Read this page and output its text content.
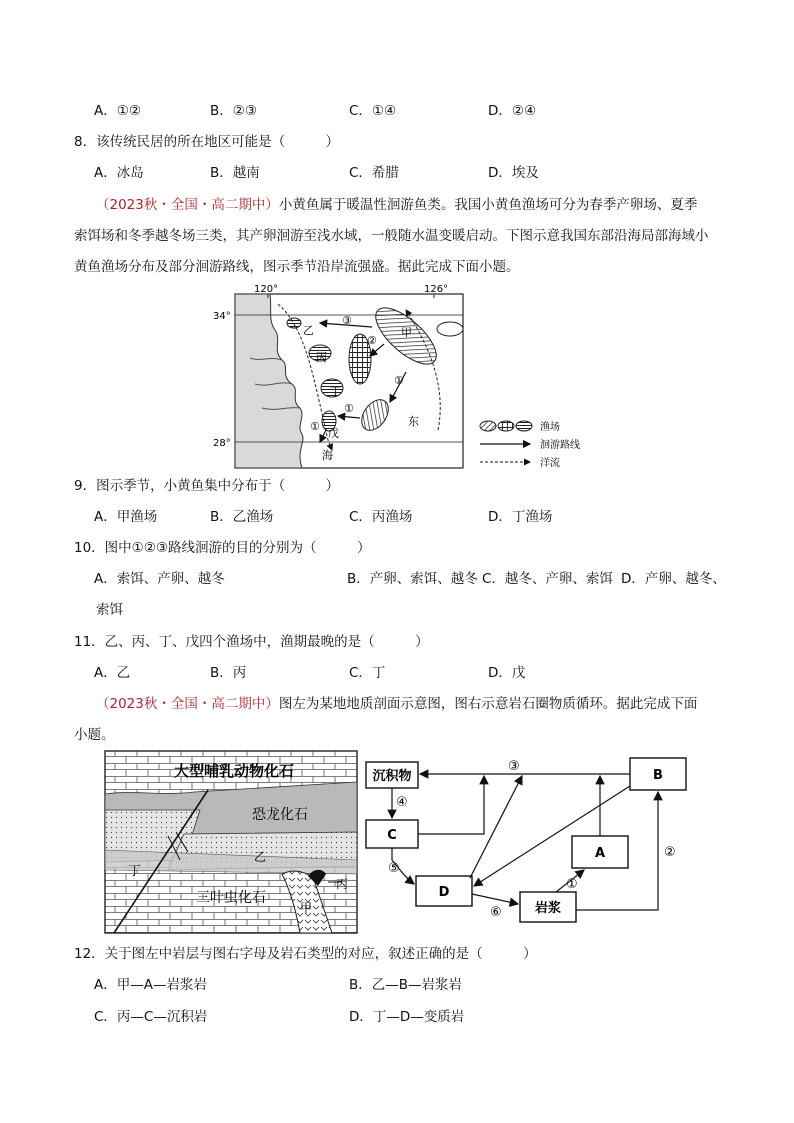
A．①②	B．②③	C．①④	D．②④
8．该传统民居的所在地区可能是（　　　）
A．冰岛	B．越南	C．希腊	D．埃及
（2023秋・全国・高二期中）小黄鱼属于暖温性洄游鱼类。我国小黄鱼渔场可分为春季产卵场、夏季
索饵场和冬季越冬场三类，其产卵洄游至浅水域，一般随水温变暖启动。下图示意我国东部沿海局部海域小
黄鱼渔场分布及部分洄游路线，图示季节沿岸流强盛。据此完成下面小题。
120°	126°
34°
28°
甲
乙
丙
丁
戊
③
②
①
①
①	东
海
渔场
洄游路线
洋流
9．图示季节，小黄鱼集中分布于（　　　）
A．甲渔场	B．乙渔场	C．丙渔场	D．丁渔场
10．图中①②③路线洄游的目的分别为（　　　）
A．索饵、产卵、越冬	B．产卵、索饵、越冬 C．越冬、产卵、索饵 D．产卵、越冬、
索饵
11．乙、丙、丁、戊四个渔场中，渔期最晚的是（　　　）
A．乙	B．丙	C．丁	D．戊
（2023秋・全国・高二期中）图左为某地地质剖面示意图，图右示意岩石圈物质循环。据此完成下面
小题。
大型哺乳动物化石
恐龙化石
三叶虫化石
乙
丁
甲
丙
沉积物
C
D
岩浆
A
B
③
④
⑤
⑥
①
②
12．关于图左中岩层与图右字母及岩石类型的对应，叙述正确的是（　　　）
A．甲—A—岩浆岩	B．乙—B—岩浆岩
C．丙—C—沉积岩	D．丁—D—变质岩
